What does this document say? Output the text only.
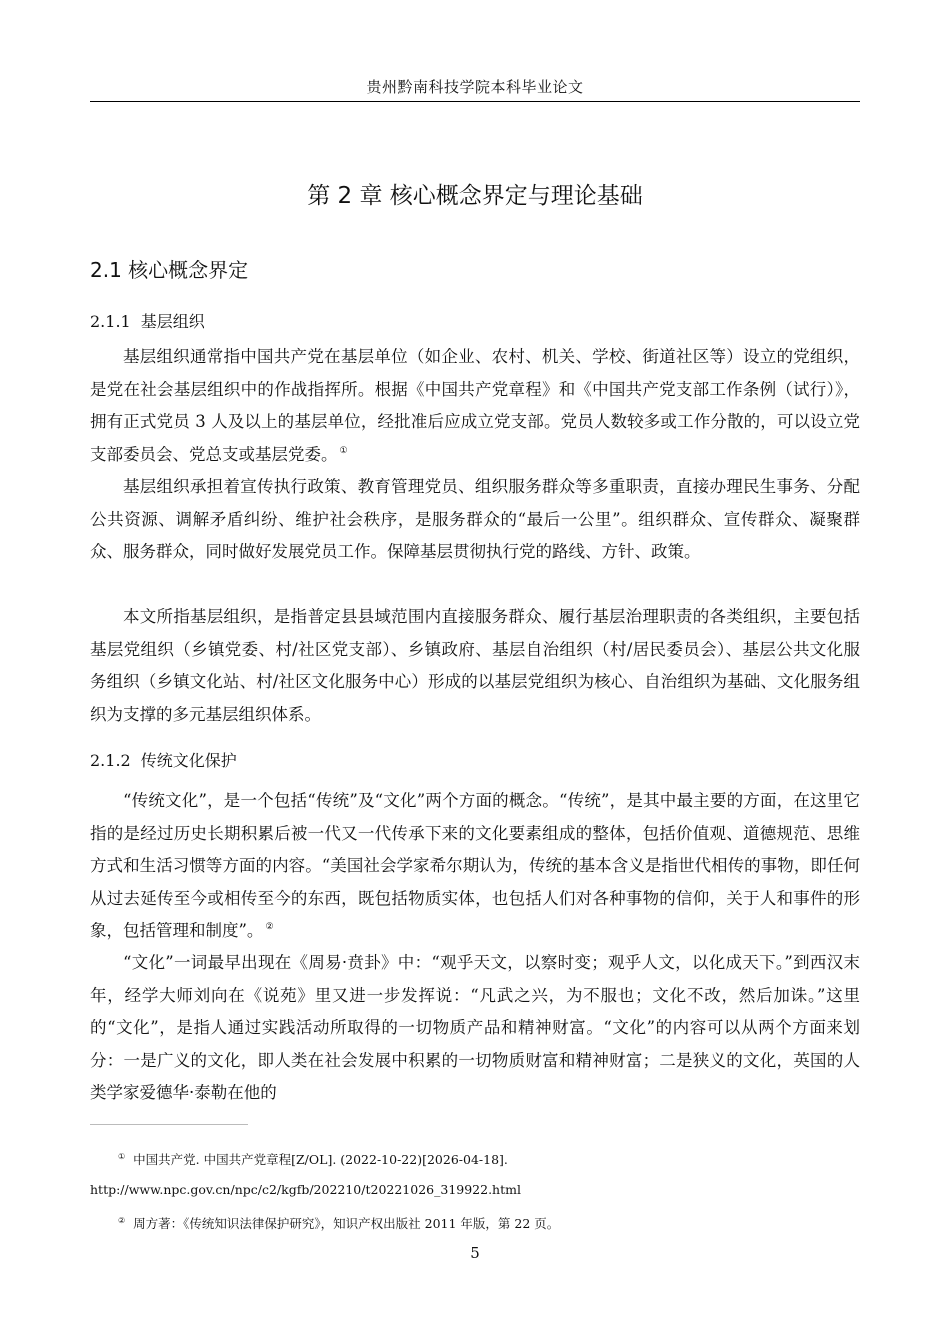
贵州黔南科技学院本科毕业论文
第 2 章 核心概念界定与理论基础
2.1 核心概念界定
2.1.1 基层组织

基层组织通常指中国共产党在基层单位（如企业、农村、机关、学校、街道社区等）设立的党组织，是党在社会基层组织中的作战指挥所。根据《中国共产党章程》和《中国共产党支部工作条例（试行）》，拥有正式党员 3 人及以上的基层单位，经批准后应成立党支部。党员人数较多或工作分散的，可以设立党支部委员会、党总支或基层党委。 ①

基层组织承担着宣传执行政策、教育管理党员、组织服务群众等多重职责，直接办理民生事务、分配公共资源、调解矛盾纠纷、维护社会秩序，是服务群众的“最后一公里”。组织群众、宣传群众、凝聚群众、服务群众，同时做好发展党员工作。保障基层贯彻执行党的路线、方针、政策。

本文所指基层组织，是指普定县县域范围内直接服务群众、履行基层治理职责的各类组织，主要包括基层党组织（乡镇党委、村/社区党支部）、乡镇政府、基层自治组织（村/居民委员会）、基层公共文化服务组织（乡镇文化站、村/社区文化服务中心）形成的以基层党组织为核心、自治组织为基础、文化服务组织为支撑的多元基层组织体系。

2.1.2 传统文化保护

“传统文化”，是一个包括“传统”及“文化”两个方面的概念。“传统”，是其中最主要的方面，在这里它指的是经过历史长期积累后被一代又一代传承下来的文化要素组成的整体，包括价值观、道德规范、思维方式和生活习惯等方面的内容。“美国社会学家希尔期认为，传统的基本含义是指世代相传的事物，即任何从过去延传至今或相传至今的东西，既包括物质实体，也包括人们对各种事物的信仰，关于人和事件的形象，包括管理和制度”。 ②

“文化”一词最早出现在《周易·贲卦》中：“观乎天文，以察时变；观乎人文，以化成天下。”到西汉末年，经学大师刘向在《说苑》里又进一步发挥说：“凡武之兴，为不服也；文化不改，然后加诛。”这里的“文化”，是指人通过实践活动所取得的一切物质产品和精神财富。“文化”的内容可以从两个方面来划分：一是广义的文化，即人类在社会发展中积累的一切物质财富和精神财富；二是狭义的文化，英国的人类学家爱德华·泰勒在他的

① 中国共产党. 中国共产党章程[Z/OL]. (2022-10-22)[2026-04-18].
http://www.npc.gov.cn/npc/c2/kgfb/202210/t20221026_319922.html
② 周方著：《传统知识法律保护研究》，知识产权出版社 2011 年版，第 22 页。
5
